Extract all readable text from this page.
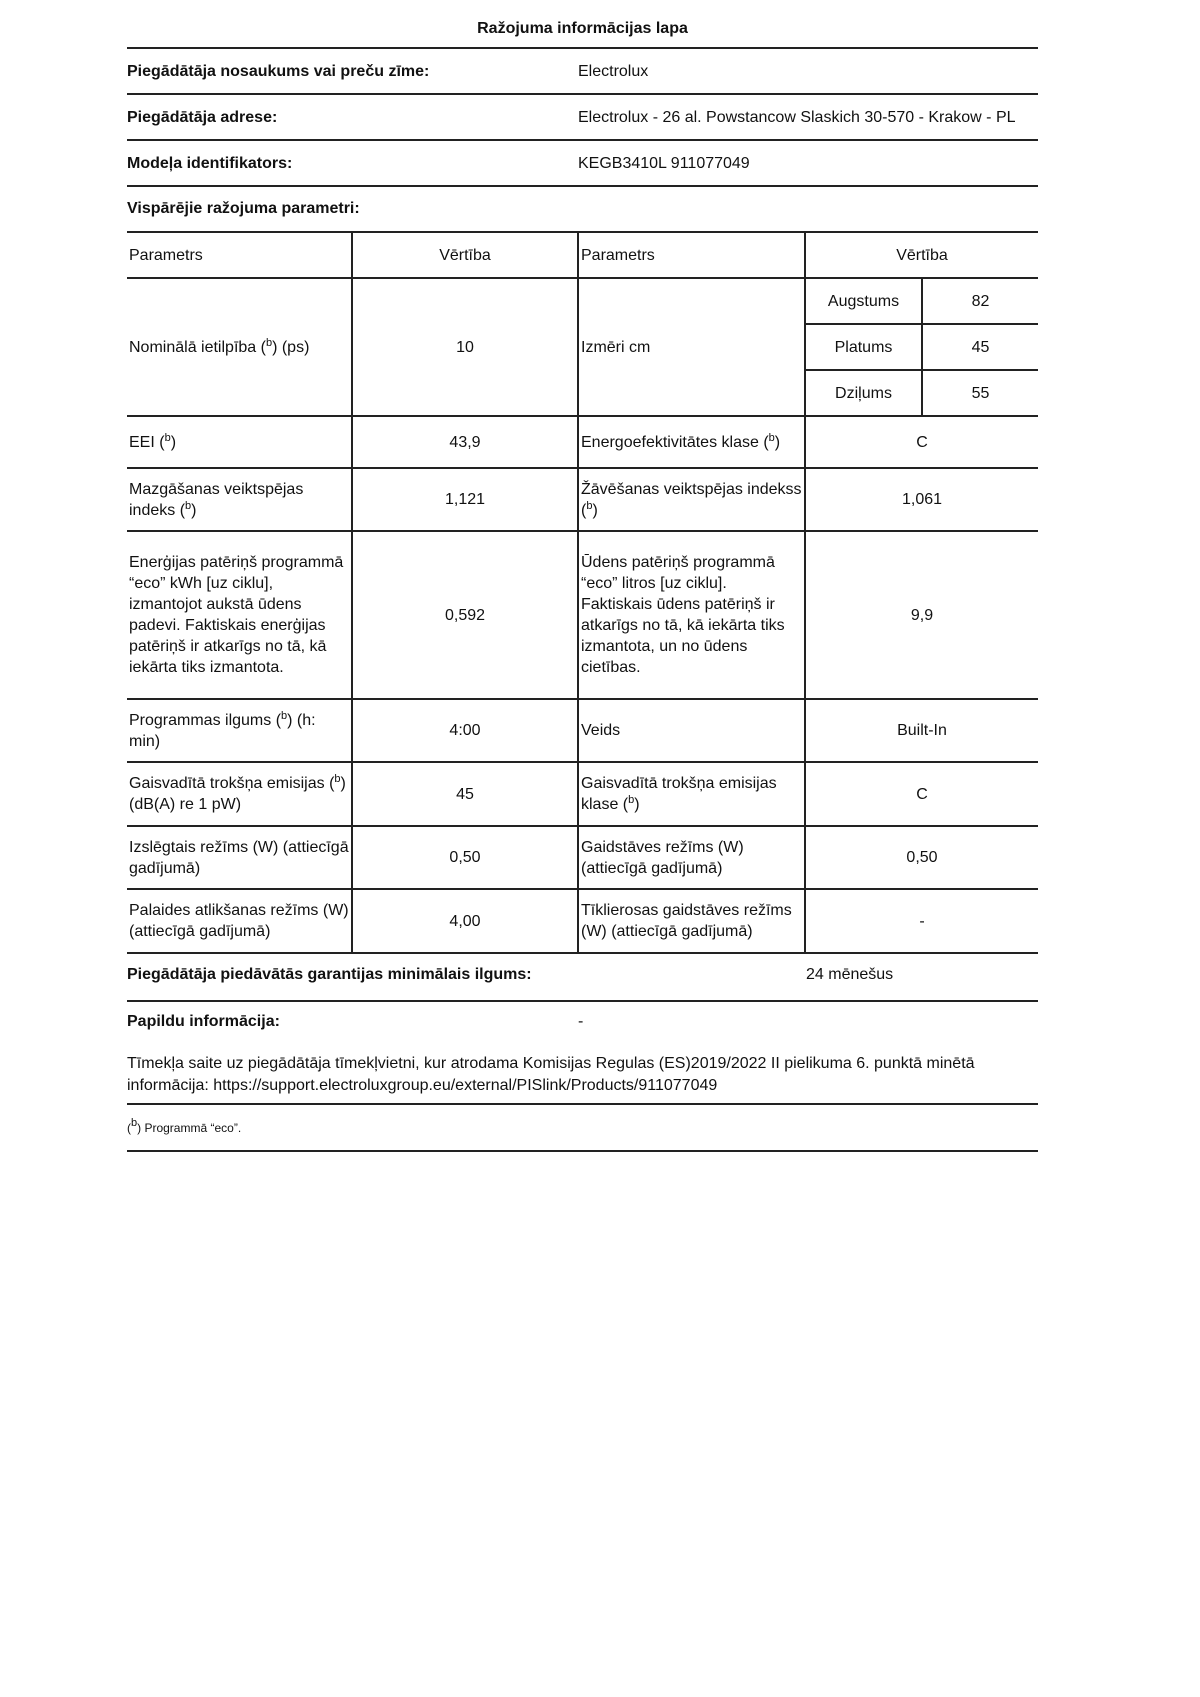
Ražojuma informācijas lapa
Piegādātāja nosaukums vai preču zīme:	Electrolux
Piegādātāja adrese:	Electrolux - 26 al. Powstancow Slaskich 30-570 - Krakow - PL
Modeļa identifikators:	KEGB3410L 911077049
Vispārējie ražojuma parametri:
Parametrs	Vērtība	Parametrs	Vērtība	
Nominālā ietilpība ($^b$) (ps)	10	Izmēri cm	Augstums	82
			Platums	45
			Dziļums	55
EEI ($^b$)	43,9	Energoefektivitātes klase ($^b$)	C	
Mazgāšanas veiktspējas indeks ($^b$)	1,121	Žāvēšanas veiktspējas indekss ($^b$)	1,061	
Enerģijas patēriņš programmā “eco” kWh [uz ciklu], izmantojot aukstā ūdens padevi. Faktiskais enerģijas patēriņš ir atkarīgs no tā, kā iekārta tiks izmantota.	0,592	Ūdens patēriņš programmā “eco” litros [uz ciklu]. Faktiskais ūdens patēriņš ir atkarīgs no tā, kā iekārta tiks izmantota, un no ūdens cietības.	9,9	
Programmas ilgums ($^b$) (h: min)	4:00	Veids	Built-In	
Gaisvadītā trokšņa emisijas ($^b$) (dB(A) re 1 pW)	45	Gaisvadītā trokšņa emisijas klase ($^b$)	C	
Izslēgtais režīms (W) (attiecīgā gadījumā)	0,50	Gaidstāves režīms (W) (attiecīgā gadījumā)	0,50	
Palaides atlikšanas režīms (W) (attiecīgā gadījumā)	4,00	Tīklierosas gaidstāves režīms (W) (attiecīgā gadījumā)	-	
Piegādātāja piedāvātās garantijas minimālais ilgums:	24 mēnešus
Papildu informācija:	-
Tīmekļa saite uz piegādātāja tīmekļvietni, kur atrodama Komisijas Regulas (ES)2019/2022 II pielikuma 6. punktā minētā informācija: https://support.electroluxgroup.eu/external/PISlink/Products/911077049
($^b$) Programmā “eco”.
